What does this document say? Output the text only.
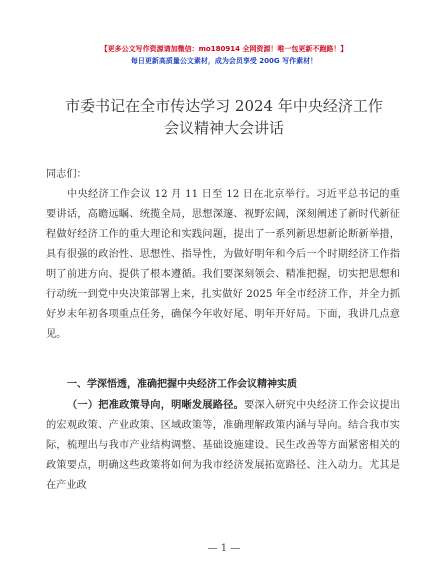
【更多公文写作资源请加微信：mo180914 全网资源！唯一包更新不跑路！】
每日更新高质量公文素材，成为会员享受 200G 写作素材！
市委书记在全市传达学习 2024 年中央经济工作
会议精神大会讲话
同志们：
中央经济工作会议 12 月 11 日至 12 日在北京举行。习近平总书记的重要讲话，高瞻远瞩、统揽全局，思想深邃、视野宏阔，深刻阐述了新时代新征程做好经济工作的重大理论和实践问题，提出了一系列新思想新论断新举措，具有很强的政治性、思想性、指导性，为做好明年和今后一个时期经济工作指明了前进方向、提供了根本遵循。我们要深刻领会、精准把握，切实把思想和行动统一到党中央决策部署上来，扎实做好 2025 年全市经济工作，并全力抓好岁末年初各项重点任务，确保今年收好尾、明年开好局。下面，我讲几点意见。
一、学深悟透，准确把握中央经济工作会议精神实质
（一）把准政策导向，明晰发展路径。要深入研究中央经济工作会议提出的宏观政策、产业政策、区域政策等，准确理解政策内涵与导向。结合我市实际，梳理出与我市产业结构调整、基础设施建设、民生改善等方面紧密相关的政策要点，明确这些政策将如何为我市经济发展拓宽路径、注入动力。尤其是在产业政
— 1 —
